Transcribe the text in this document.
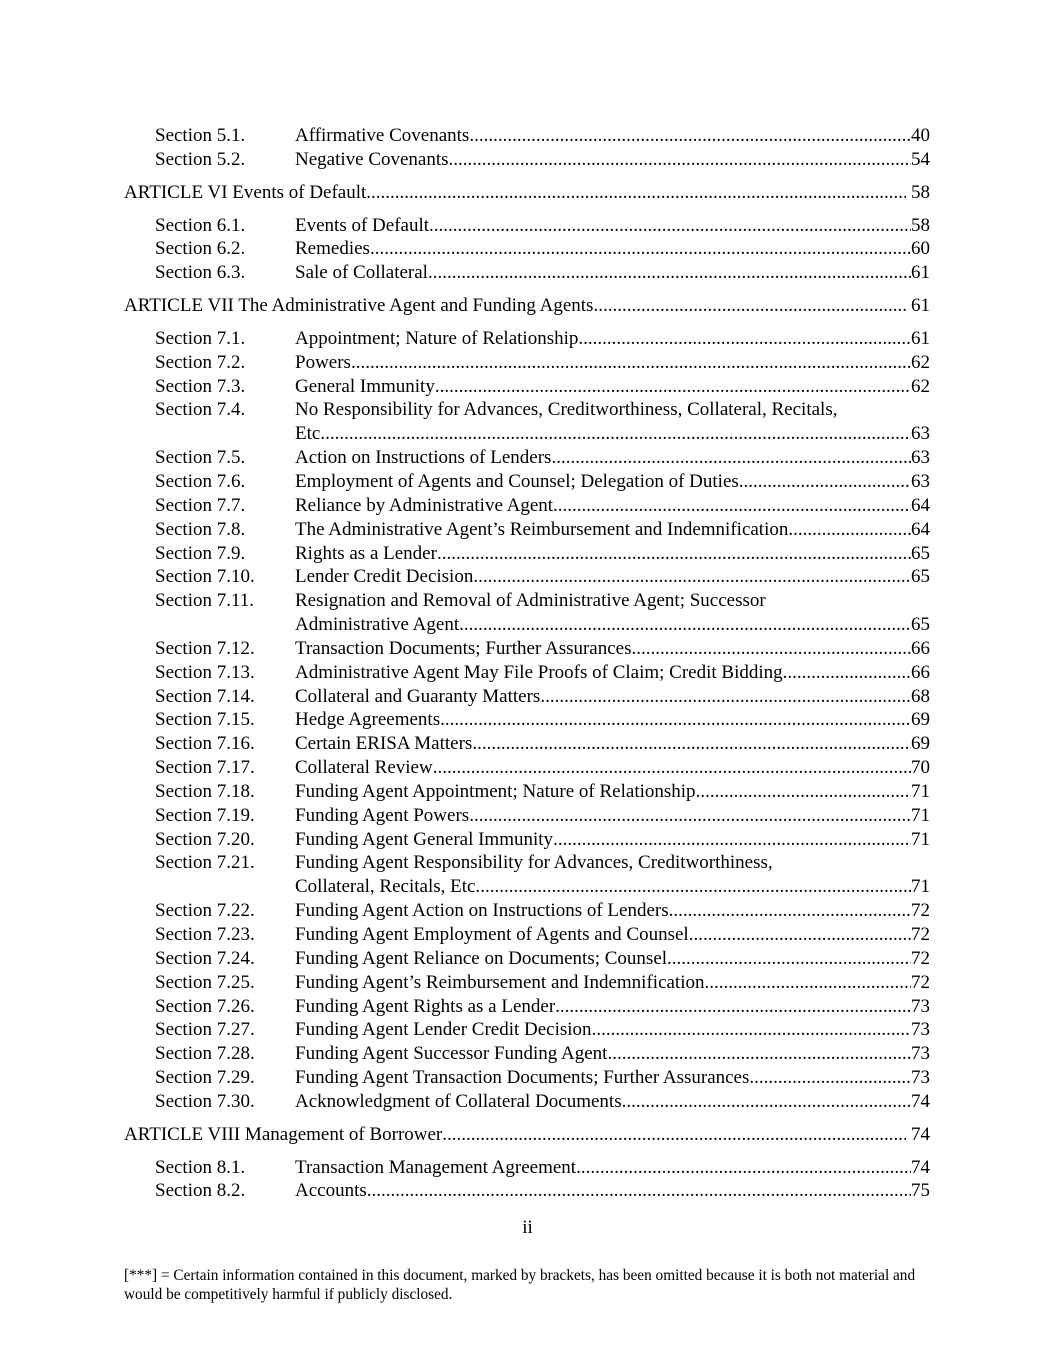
Section 5.1.	Affirmative Covenants .....	40
Section 5.2.	Negative Covenants .....	54
ARTICLE VI Events of Default .....	58
Section 6.1.	Events of Default .....	58
Section 6.2.	Remedies .....	60
Section 6.3.	Sale of Collateral .....	61
ARTICLE VII The Administrative Agent and Funding Agents .....	61
Section 7.1.	Appointment; Nature of Relationship .....	61
Section 7.2.	Powers .....	62
Section 7.3.	General Immunity .....	62
Section 7.4.	No Responsibility for Advances, Creditworthiness, Collateral, Recitals,
Etc. .....	63
Section 7.5.	Action on Instructions of Lenders .....	63
Section 7.6.	Employment of Agents and Counsel; Delegation of Duties .....	63
Section 7.7.	Reliance by Administrative Agent .....	64
Section 7.8.	The Administrative Agent’s Reimbursement and Indemnification .....	64
Section 7.9.	Rights as a Lender .....	65
Section 7.10. Lender Credit Decision .....	65
Section 7.11. Resignation and Removal of Administrative Agent; Successor
Administrative Agent .....	65
Section 7.12. Transaction Documents; Further Assurances .....	66
Section 7.13. Administrative Agent May File Proofs of Claim; Credit Bidding .....	66
Section 7.14. Collateral and Guaranty Matters .....	68
Section 7.15. Hedge Agreements .....	69
Section 7.16. Certain ERISA Matters .....	69
Section 7.17. Collateral Review .....	70
Section 7.18. Funding Agent Appointment; Nature of Relationship .....	71
Section 7.19. Funding Agent Powers .....	71
Section 7.20. Funding Agent General Immunity .....	71
Section 7.21. Funding Agent Responsibility for Advances, Creditworthiness,
Collateral, Recitals, Etc. .....	71
Section 7.22. Funding Agent Action on Instructions of Lenders .....	72
Section 7.23. Funding Agent Employment of Agents and Counsel .....	72
Section 7.24. Funding Agent Reliance on Documents; Counsel .....	72
Section 7.25. Funding Agent’s Reimbursement and Indemnification .....	72
Section 7.26. Funding Agent Rights as a Lender .....	73
Section 7.27. Funding Agent Lender Credit Decision .....	73
Section 7.28. Funding Agent Successor Funding Agent .....	73
Section 7.29. Funding Agent Transaction Documents; Further Assurances .....	73
Section 7.30. Acknowledgment of Collateral Documents .....	74
ARTICLE VIII Management of Borrower .....	74
Section 8.1.	Transaction Management Agreement .....	74
Section 8.2.	Accounts .....	75
ii
[***] = Certain information contained in this document, marked by brackets, has been omitted because it is both not material and would be competitively harmful if publicly disclosed.
